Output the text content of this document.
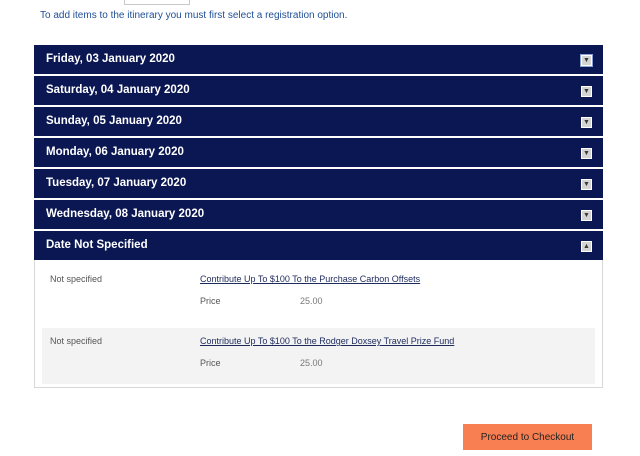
To add items to the itinerary you must first select a registration option.
Friday, 03 January 2020	▼
Saturday, 04 January 2020	▼
Sunday, 05 January 2020	▼
Monday, 06 January 2020	▼
Tuesday, 07 January 2020	▼
Wednesday, 08 January 2020	▼
Date Not Specified	▲
Not specified	Contribute Up To $100 To the Purchase Carbon Offsets
Price	25.00
Not specified	Contribute Up To $100 To the Rodger Doxsey Travel Prize Fund
Price	25.00
Proceed to Checkout
